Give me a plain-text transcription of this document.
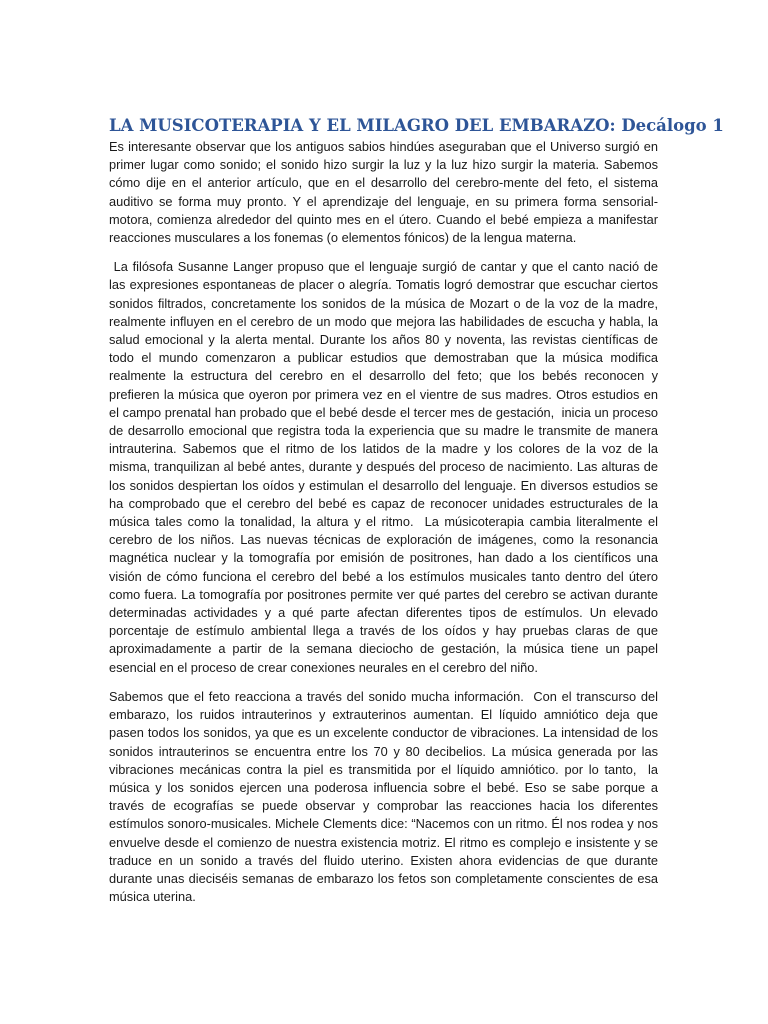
LA MUSICOTERAPIA Y EL MILAGRO DEL EMBARAZO: Decálogo 1

Es interesante observar que los antiguos sabios hindúes aseguraban que el Universo surgió en primer lugar como sonido; el sonido hizo surgir la luz y la luz hizo surgir la materia. Sabemos cómo dije en el anterior artículo, que en el desarrollo del cerebro-mente del feto, el sistema auditivo se forma muy pronto. Y el aprendizaje del lenguaje, en su primera forma sensorial-motora, comienza alrededor del quinto mes en el útero. Cuando el bebé empieza a manifestar reacciones musculares a los fonemas (o elementos fónicos) de la lengua materna.

La filósofa Susanne Langer propuso que el lenguaje surgió de cantar y que el canto nació de las expresiones espontaneas de placer o alegría. Tomatis logró demostrar que escuchar ciertos sonidos filtrados, concretamente los sonidos de la música de Mozart o de la voz de la madre, realmente influyen en el cerebro de un modo que mejora las habilidades de escucha y habla, la salud emocional y la alerta mental. Durante los años 80 y noventa, las revistas científicas de todo el mundo comenzaron a publicar estudios que demostraban que la música modifica realmente la estructura del cerebro en el desarrollo del feto; que los bebés reconocen y prefieren la música que oyeron por primera vez en el vientre de sus madres. Otros estudios en el campo prenatal han probado que el bebé desde el tercer mes de gestación,  inicia un proceso de desarrollo emocional que registra toda la experiencia que su madre le transmite de manera intrauterina. Sabemos que el ritmo de los latidos de la madre y los colores de la voz de la misma, tranquilizan al bebé antes, durante y después del proceso de nacimiento. Las alturas de los sonidos despiertan los oídos y estimulan el desarrollo del lenguaje. En diversos estudios se ha comprobado que el cerebro del bebé es capaz de reconocer unidades estructurales de la música tales como la tonalidad, la altura y el ritmo.  La músicoterapia cambia literalmente el cerebro de los niños. Las nuevas técnicas de exploración de imágenes, como la resonancia magnética nuclear y la tomografía por emisión de positrones, han dado a los científicos una visión de cómo funciona el cerebro del bebé a los estímulos musicales tanto dentro del útero como fuera. La tomografía por positrones permite ver qué partes del cerebro se activan durante determinadas actividades y a qué parte afectan diferentes tipos de estímulos. Un elevado porcentaje de estímulo ambiental llega a través de los oídos y hay pruebas claras de que aproximadamente a partir de la semana dieciocho de gestación, la música tiene un papel esencial en el proceso de crear conexiones neurales en el cerebro del niño.

Sabemos que el feto reacciona a través del sonido mucha información.  Con el transcurso del embarazo, los ruidos intrauterinos y extrauterinos aumentan. El líquido amniótico deja que pasen todos los sonidos, ya que es un excelente conductor de vibraciones. La intensidad de los sonidos intrauterinos se encuentra entre los 70 y 80 decibelios. La música generada por las vibraciones mecánicas contra la piel es transmitida por el líquido amniótico. por lo tanto,  la música y los sonidos ejercen una poderosa influencia sobre el bebé. Eso se sabe porque a través de ecografías se puede observar y comprobar las reacciones hacia los diferentes estímulos sonoro-musicales. Michele Clements dice: “Nacemos con un ritmo. Él nos rodea y nos envuelve desde el comienzo de nuestra existencia motriz. El ritmo es complejo e insistente y se traduce en un sonido a través del fluido uterino. Existen ahora evidencias de que durante durante unas dieciséis semanas de embarazo los fetos son completamente conscientes de esa música uterina.
